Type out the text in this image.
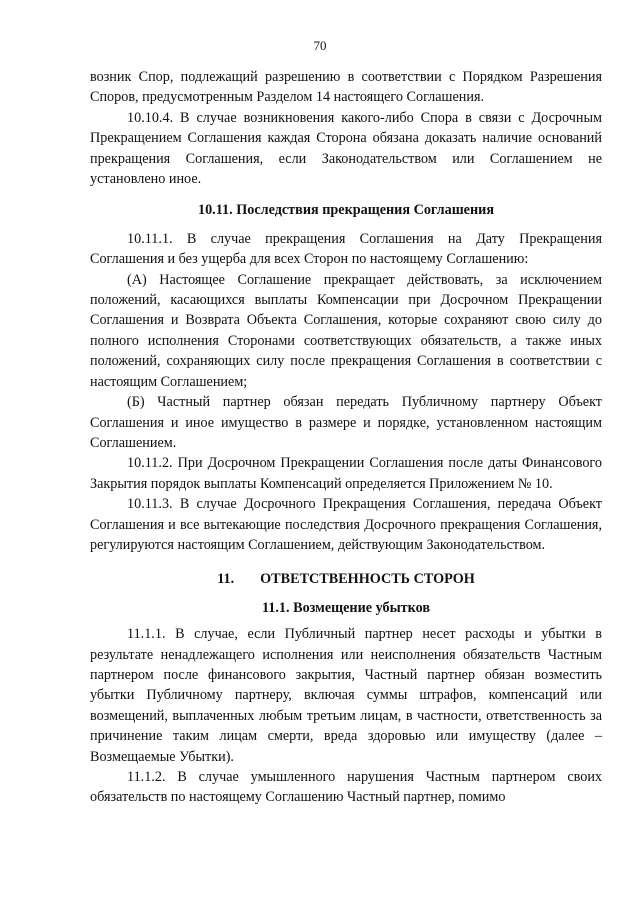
70

возник Спор, подлежащий разрешению в соответствии с Порядком Разрешения Споров, предусмотренным Разделом 14 настоящего Соглашения.

10.10.4. В случае возникновения какого-либо Спора в связи с Досрочным Прекращением Соглашения каждая Сторона обязана доказать наличие оснований прекращения Соглашения, если Законодательством или Соглашением не установлено иное.

10.11. Последствия прекращения Соглашения

10.11.1. В случае прекращения Соглашения на Дату Прекращения Соглашения и без ущерба для всех Сторон по настоящему Соглашению:

(А) Настоящее Соглашение прекращает действовать, за исключением положений, касающихся выплаты Компенсации при Досрочном Прекращении Соглашения и Возврата Объекта Соглашения, которые сохраняют свою силу до полного исполнения Сторонами соответствующих обязательств, а также иных положений, сохраняющих силу после прекращения Соглашения в соответствии с настоящим Соглашением;

(Б) Частный партнер обязан передать Публичному партнеру Объект Соглашения и иное имущество в размере и порядке, установленном настоящим Соглашением.

10.11.2. При Досрочном Прекращении Соглашения после даты Финансового Закрытия порядок выплаты Компенсаций определяется Приложением № 10.

10.11.3. В случае Досрочного Прекращения Соглашения, передача Объект Соглашения и все вытекающие последствия Досрочного прекращения Соглашения, регулируются настоящим Соглашением, действующим Законодательством.

11. ОТВЕТСТВЕННОСТЬ СТОРОН
11.1. Возмещение убытков

11.1.1. В случае, если Публичный партнер несет расходы и убытки в результате ненадлежащего исполнения или неисполнения обязательств Частным партнером после финансового закрытия, Частный партнер обязан возместить убытки Публичному партнеру, включая суммы штрафов, компенсаций или возмещений, выплаченных любым третьим лицам, в частности, ответственность за причинение таким лицам смерти, вреда здоровью или имуществу (далее – Возмещаемые Убытки).

11.1.2. В случае умышленного нарушения Частным партнером своих обязательств по настоящему Соглашению Частный партнер, помимо
